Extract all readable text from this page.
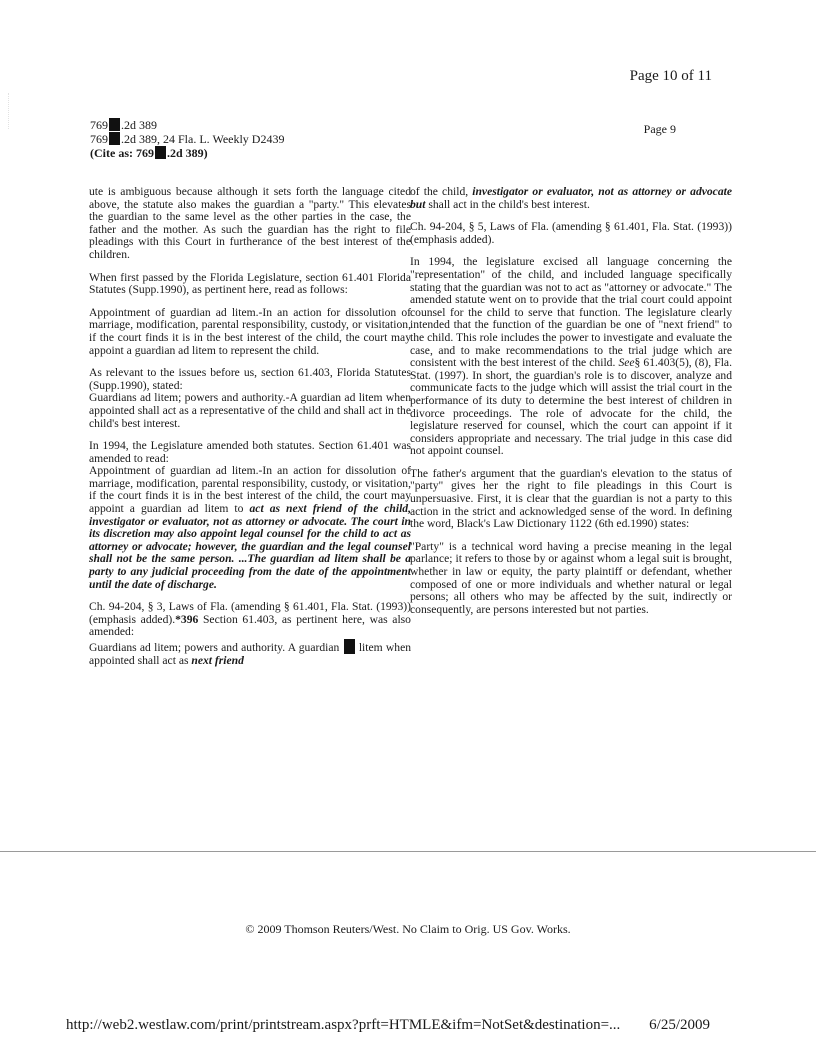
Page 10 of 11
769 .2d 389
769 .2d 389, 24 Fla. L. Weekly D2439
(Cite as: 769 .2d 389)
Page 9

ute is ambiguous because although it sets forth the language cited above, the statute also makes the guardian a "party." This elevates the guardian to the same level as the other parties in the case, the father and the mother. As such the guardian has the right to file pleadings with this Court in furtherance of the best interest of the children.

When first passed by the Florida Legislature, section 61.401 Florida Statutes (Supp.1990), as pertinent here, read as follows:

Appointment of guardian ad litem.-In an action for dissolution of marriage, modification, parental responsibility, custody, or visitation, if the court finds it is in the best interest of the child, the court may appoint a guardian ad litem to represent the child.

As relevant to the issues before us, section 61.403, Florida Statutes (Supp.1990), stated:

Guardians ad litem; powers and authority.-A guardian ad litem when appointed shall act as a representative of the child and shall act in the child's best interest.

In 1994, the Legislature amended both statutes. Section 61.401 was amended to read:

Appointment of guardian ad litem.-In an action for dissolution of marriage, modification, parental responsibility, custody, or visitation, if the court finds it is in the best interest of the child, the court may appoint a guardian ad litem to act as next friend of the child, investigator or evaluator, not as attorney or advocate. The court in its discretion may also appoint legal counsel for the child to act as attorney or advocate; however, the guardian and the legal counsel shall not be the same person. ...The guardian ad litem shall be a party to any judicial proceeding from the date of the appointment until the date of discharge.

Ch. 94-204, § 3, Laws of Fla. (amending § 61.401, Fla. Stat. (1993))(emphasis added).*396 Section 61.403, as pertinent here, was also amended:

Guardians ad litem; powers and authority. A guardian litem when appointed shall act as next friend

of the child, investigator or evaluator, not as attorney or advocate but shall act in the child's best interest.

Ch. 94-204, § 5, Laws of Fla. (amending § 61.401, Fla. Stat. (1993)) (emphasis added).

In 1994, the legislature excised all language concerning the "representation" of the child, and included language specifically stating that the guardian was not to act as "attorney or advocate." The amended statute went on to provide that the trial court could appoint counsel for the child to serve that function. The legislature clearly intended that the function of the guardian be one of "next friend" to the child. This role includes the power to investigate and evaluate the case, and to make recommendations to the trial judge which are consistent with the best interest of the child. See§ 61.403(5), (8), Fla. Stat. (1997). In short, the guardian's role is to discover, analyze and communicate facts to the judge which will assist the trial court in the performance of its duty to determine the best interest of children in divorce proceedings. The role of advocate for the child, the legislature reserved for counsel, which the court can appoint if it considers appropriate and necessary. The trial judge in this case did not appoint counsel.

The father's argument that the guardian's elevation to the status of "party" gives her the right to file pleadings in this Court is unpersuasive. First, it is clear that the guardian is not a party to this action in the strict and acknowledged sense of the word. In defining the word, Black's Law Dictionary 1122 (6th ed.1990) states:

"Party" is a technical word having a precise meaning in the legal parlance; it refers to those by or against whom a legal suit is brought, whether in law or equity, the party plaintiff or defendant, whether composed of one or more individuals and whether natural or legal persons; all others who may be affected by the suit, indirectly or consequently, are persons interested but not parties.

© 2009 Thomson Reuters/West. No Claim to Orig. US Gov. Works.
http://web2.westlaw.com/print/printstream.aspx?prft=HTMLE&ifm=NotSet&destination=... 6/25/2009
